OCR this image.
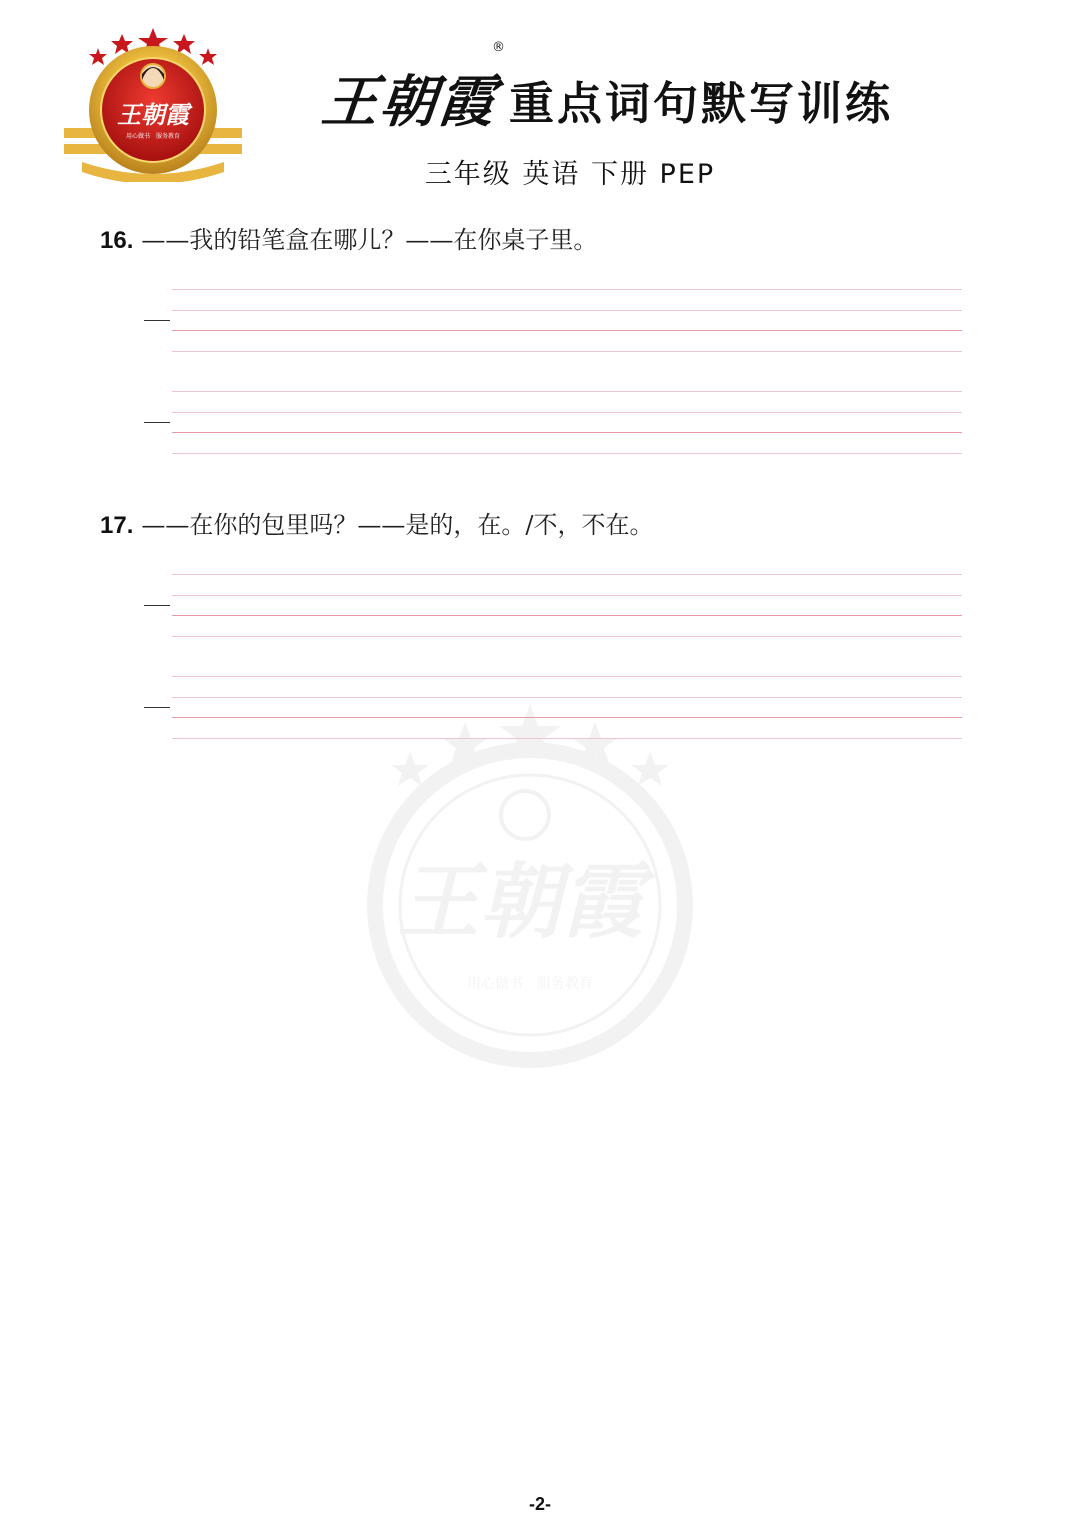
王朝霞
用心做书　服务教育
王朝霞
用心做书　服务教育
王朝霞
®
重点词句默写训练
三年级 英语 下册 PEP
16. ——我的铅笔盒在哪儿？——在你桌子里。
17. ——在你的包里吗？——是的，在。/不，不在。
-2-
